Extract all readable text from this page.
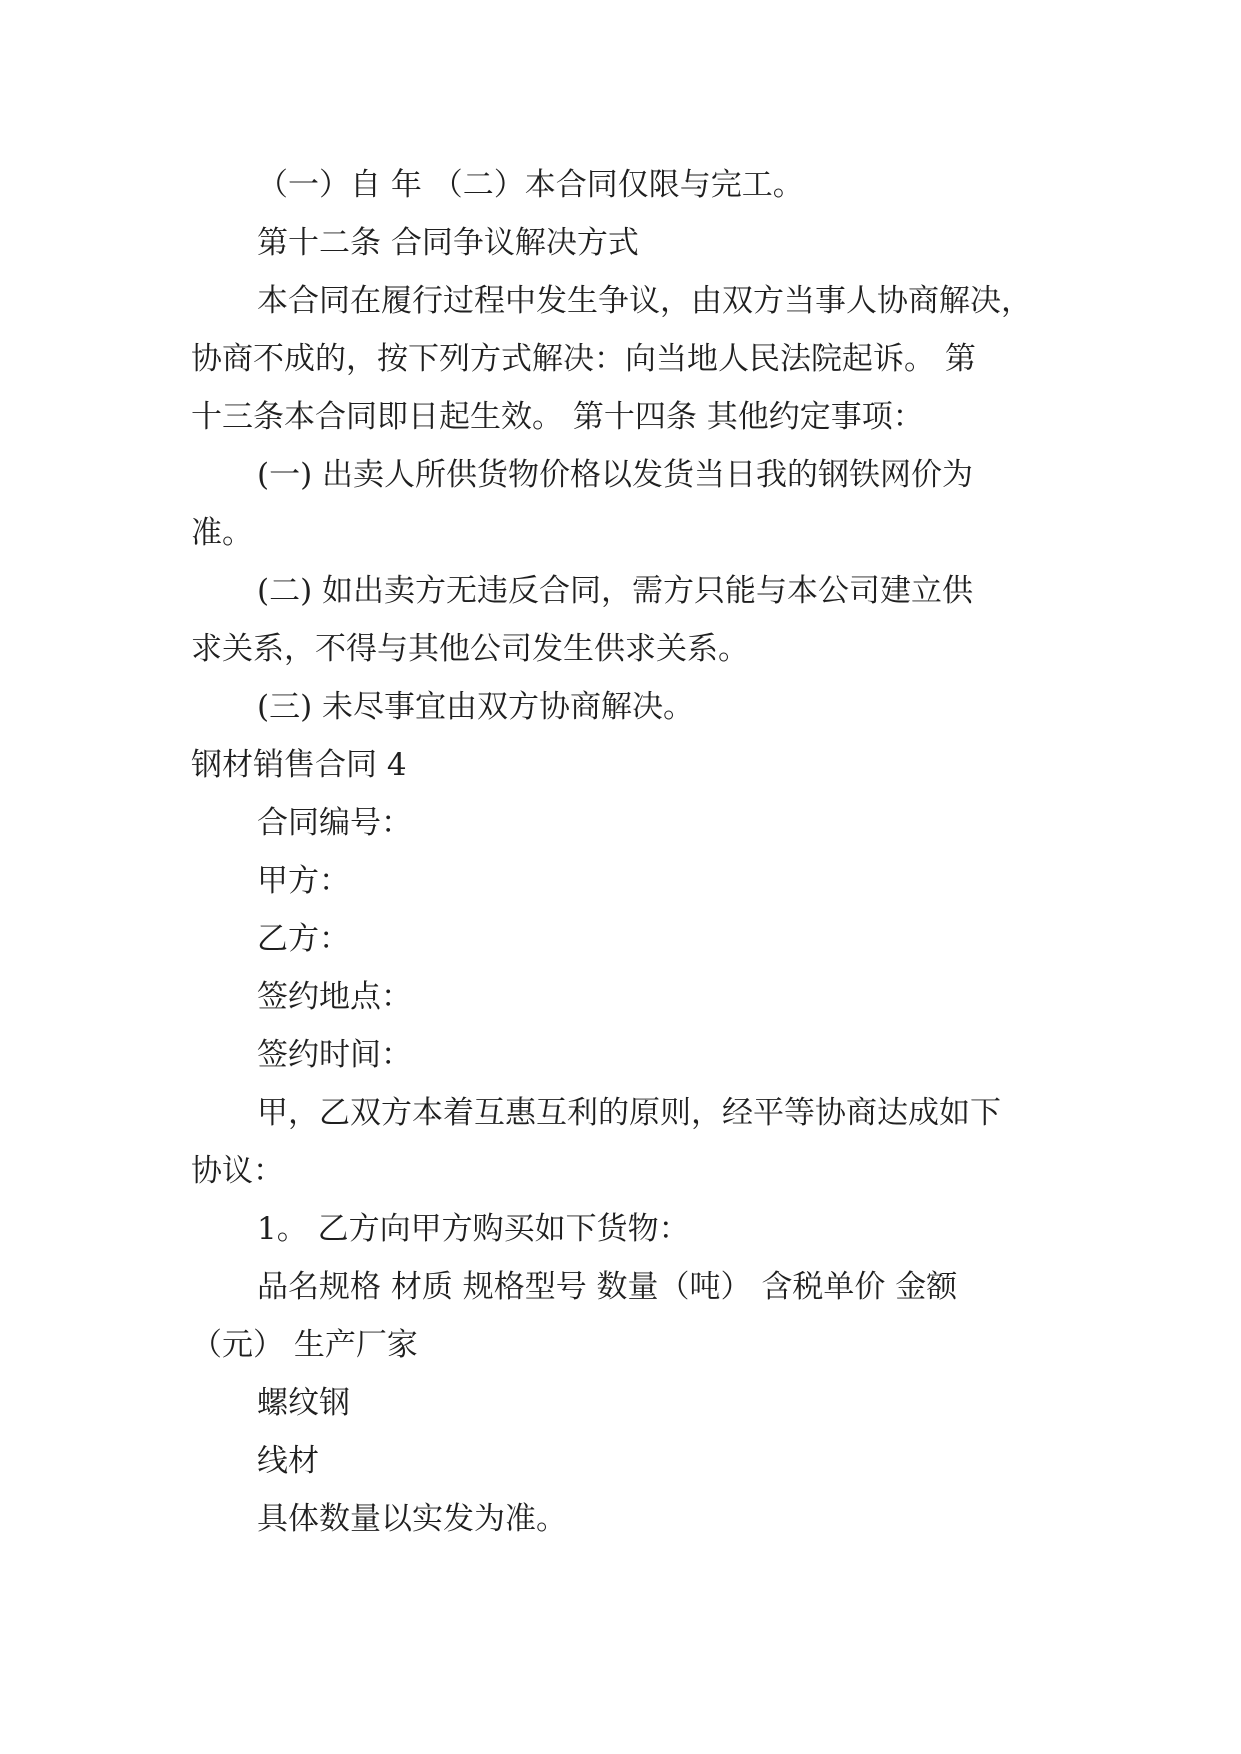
（一）自 年 （二）本合同仅限与完工。
第十二条 合同争议解决方式
本合同在履行过程中发生争议，由双方当事人协商解决，
协商不成的，按下列方式解决：向当地人民法院起诉。 第
十三条本合同即日起生效。 第十四条 其他约定事项：
(一) 出卖人所供货物价格以发货当日我的钢铁网价为
准。
(二) 如出卖方无违反合同，需方只能与本公司建立供
求关系，不得与其他公司发生供求关系。
(三) 未尽事宜由双方协商解决。
钢材销售合同 4
合同编号：
甲方：
乙方：
签约地点：
签约时间：
甲，乙双方本着互惠互利的原则，经平等协商达成如下
协议：
1。 乙方向甲方购买如下货物：
品名规格 材质 规格型号 数量（吨） 含税单价 金额
（元） 生产厂家
螺纹钢
线材
具体数量以实发为准。
